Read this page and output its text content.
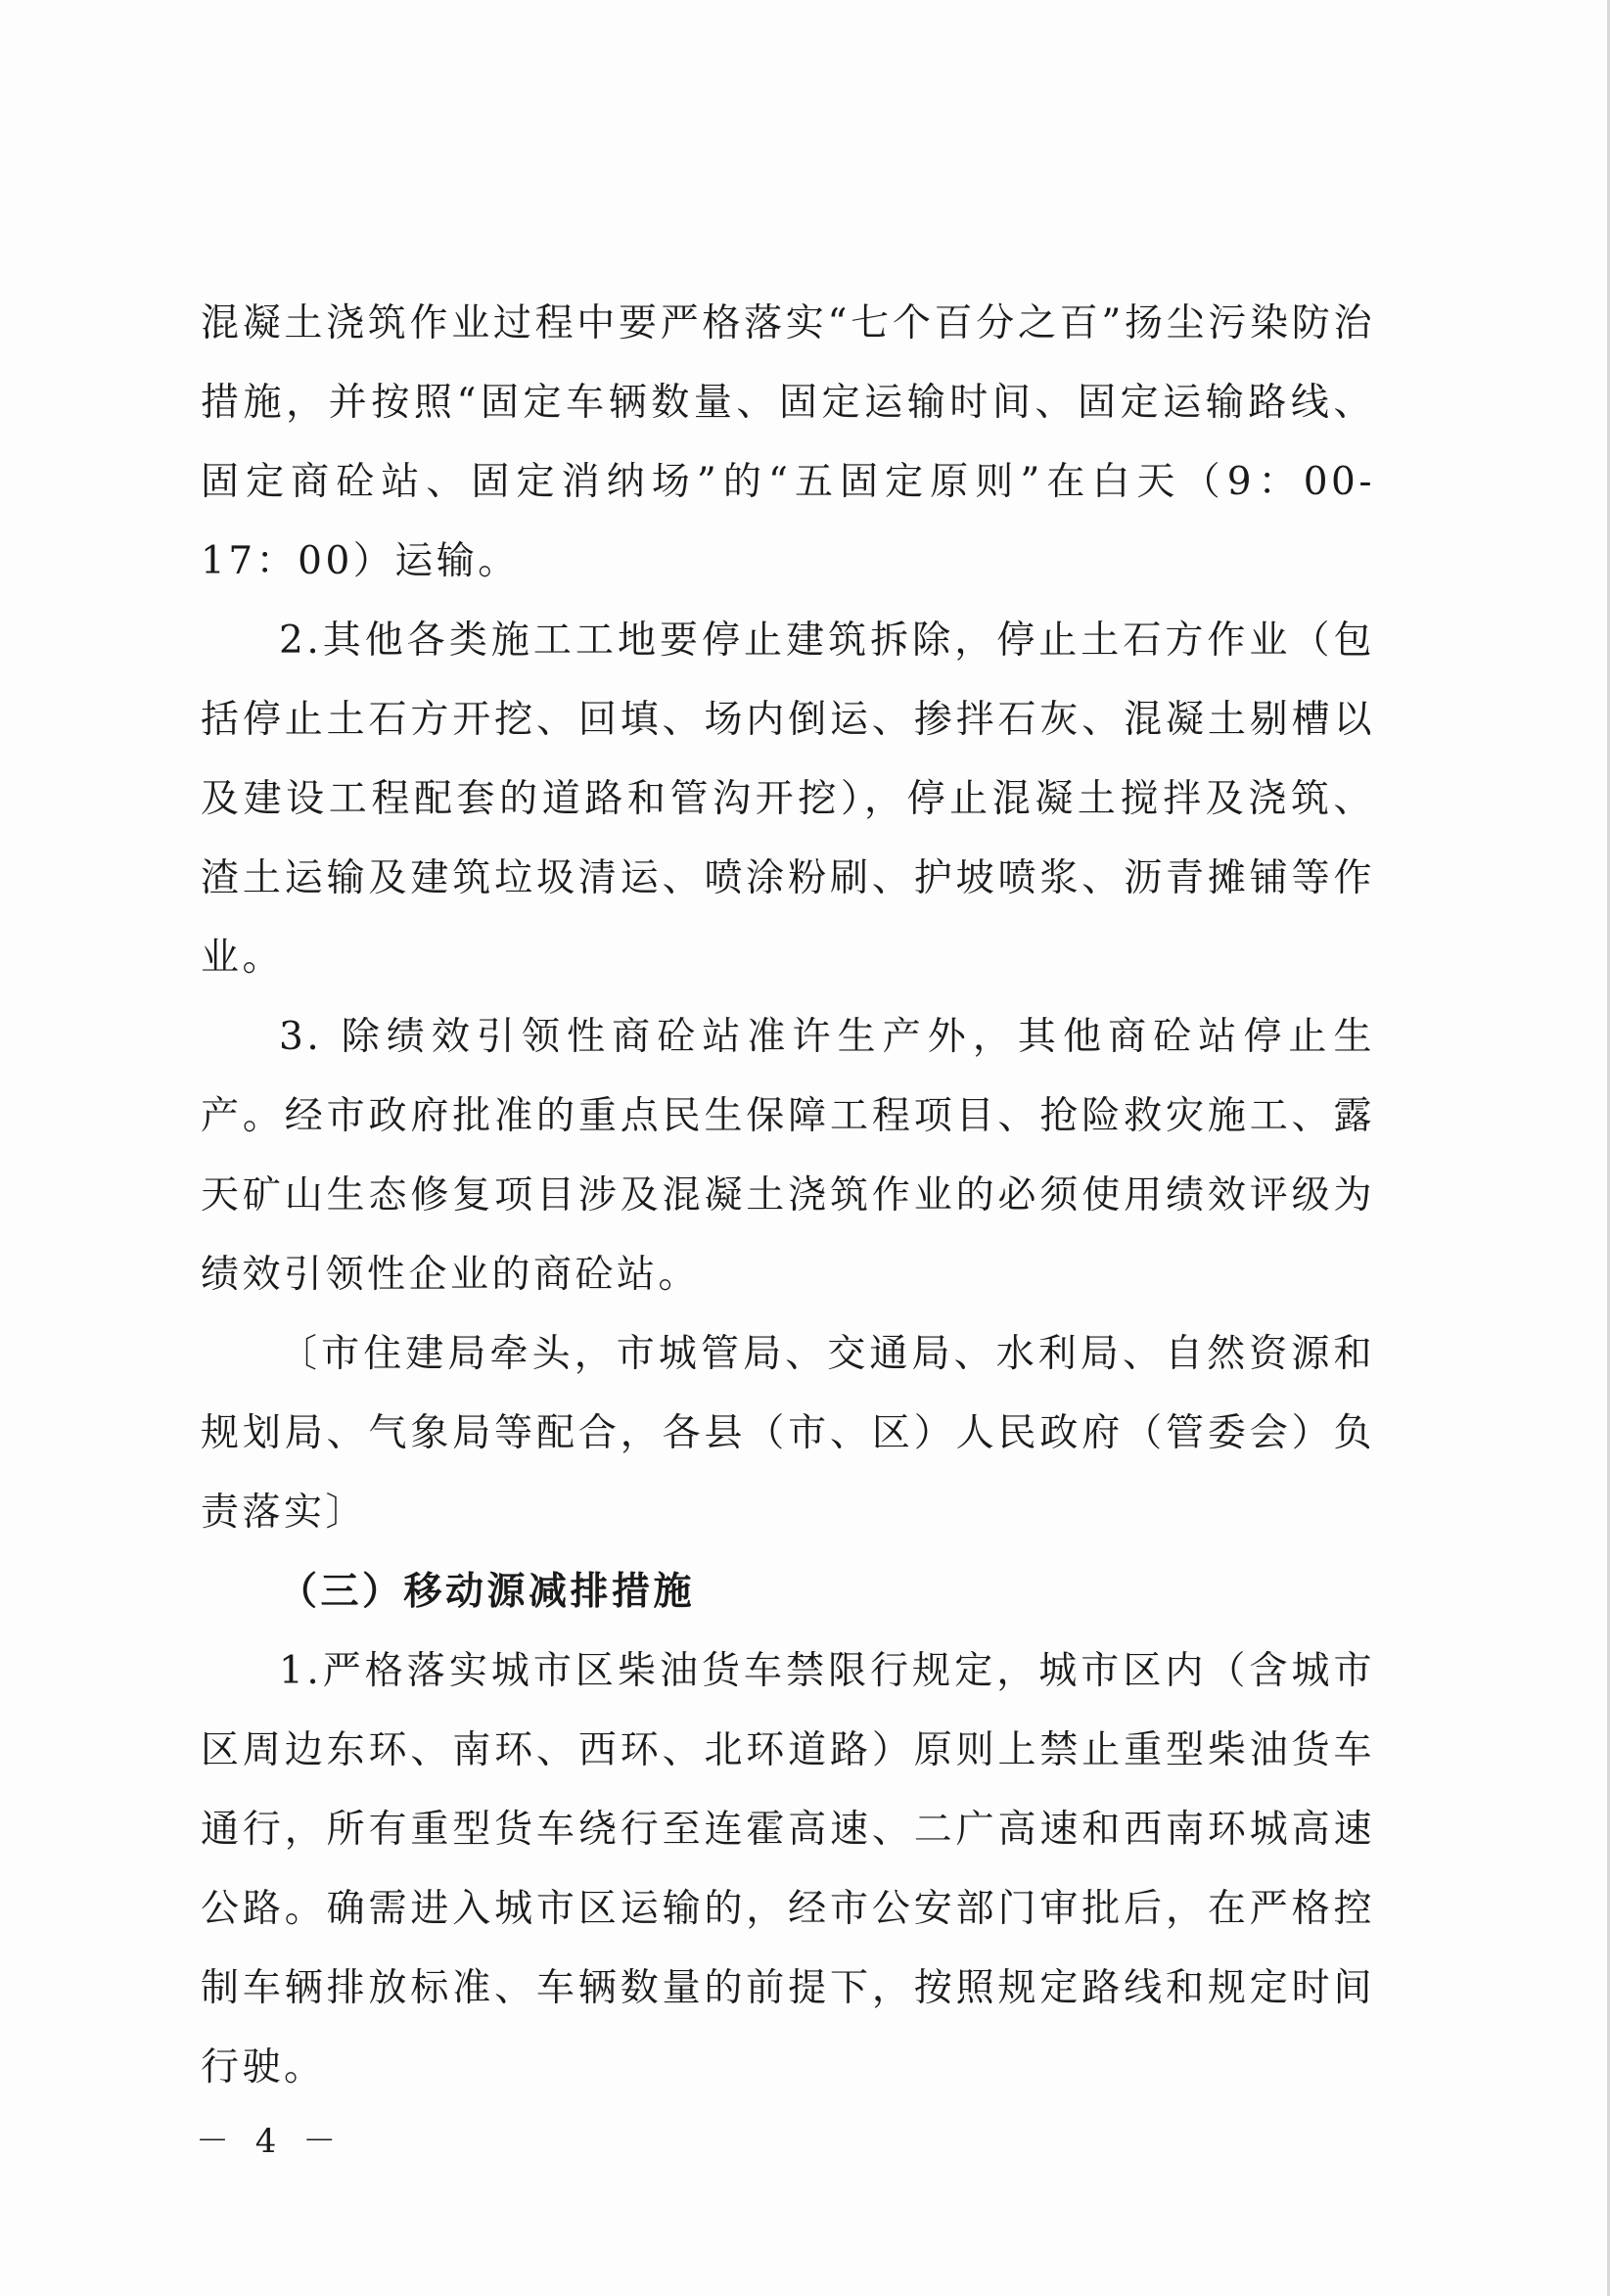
混凝土浇筑作业过程中要严格落实“七个百分之百”扬尘污染防治措施，并按照“固定车辆数量、固定运输时间、固定运输路线、固定商砼站、固定消纳场”的“五固定原则”在白天（9：00-17：00）运输。

2.其他各类施工工地要停止建筑拆除，停止土石方作业（包括停止土石方开挖、回填、场内倒运、掺拌石灰、混凝土剔槽以及建设工程配套的道路和管沟开挖），停止混凝土搅拌及浇筑、渣土运输及建筑垃圾清运、喷涂粉刷、护坡喷浆、沥青摊铺等作业。

3. 除绩效引领性商砼站准许生产外，其他商砼站停止生产。经市政府批准的重点民生保障工程项目、抢险救灾施工、露天矿山生态修复项目涉及混凝土浇筑作业的必须使用绩效评级为绩效引领性企业的商砼站。

〔市住建局牵头，市城管局、交通局、水利局、自然资源和规划局、气象局等配合，各县（市、区）人民政府（管委会）负责落实〕

（三）移动源减排措施

1.严格落实城市区柴油货车禁限行规定，城市区内（含城市区周边东环、南环、西环、北环道路）原则上禁止重型柴油货车通行，所有重型货车绕行至连霍高速、二广高速和西南环城高速公路。确需进入城市区运输的，经市公安部门审批后，在严格控制车辆排放标准、车辆数量的前提下，按照规定路线和规定时间行驶。

－ 4 －
